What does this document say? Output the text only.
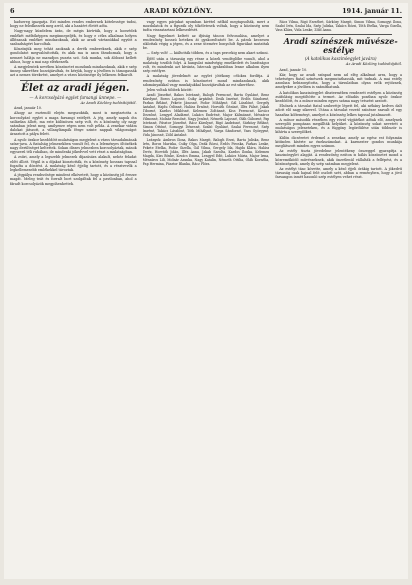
6	ARADI KÖZLÖNY.	1914. január 11.

hadsereg igazgatja. Ezt minden rendes embernek kötelessége tudni, hogy ne feledkezzék meg arról, aki a hazáért életét adta.

Nagy-nagy küzdelem árán, de mégis kivívták, hogy a honvédek emlékét méltóképpen megünnepeljék, és hogy e célra alkalmas helyen állítsanak emléket mindazoknak, akik az aradi vártanúkkal együtt a szabadságért harcoltak.

Köszönjük meg tehát azoknak a derék embereknek, akik e szép gondolatot megvalósították, és akik ma is azon fáradoznak, hogy a nemzet hálája ne maradjon puszta szó. Sok munka, sok áldozat kellett ahhoz, hogy a mai nap elérkezzék.

A megjelentek nevében köszönetet mondunk mindazoknak, akik e szép ünnep sikeréhez hozzájárultak, és kérjük, hogy a jövőben is támogassák azt a nemes törekvést, amelyet a város közönsége ily lelkesen felkarolt.

Élet az aradi jégen.

— A korcsolyázó egylet farsangi ünnepe. —

Az Aradi Közlöny tudósítójától.

Arad, január 10.

Ahogy az esztendő elején megszokták, most is megtartotta a korcsolyázó egylet a maga farsangi estélyét. A jég, amely napok óta szilárdan állott, ma este különösen szép volt, és a közönség oly nagy számban jelent meg, amilyenre régen nem volt példa. A zenekar vidám dalokat játszott, a villanylámpák fénye szinte nappali világosságot árasztott a pálya felett.

A nyolc órakor kezdődött mulatságon megjelent a város társadalmának színe-java. A fiatalság jelmezekben vonult fel, és a leleményes öltözékek nagy derültséget keltettek. Sokan díszes jelmezben korcsolyáztak, mások egyszerű téli ruhában, de mindenki jókedvvel vett részt a mulatságban.

A zsűri, amely a legszebb jelmezek díjazására alakult, nehéz feladat előtt állott. Végül is a díjakat kiosztották, és a közönség hosszas tapssal fogadta a döntést. A mulatság késő éjjelig tartott, és a résztvevők a legkellemesebb emlékekkel távoztak.

A jégpálya rendezősége mindent elkövetett, hogy a közönség jól érezze magát. Meleg teát és forralt bort szolgáltak fel a pavilonban, ahol a fáradt korcsolyázók megpihenhettek.

vagy egyes párjukat nyomban kivétel nélkül megtapsolták, mert a mozdulatok és a figurák oly tökéletesek voltak, hogy a közönség nem tudta visszatartani lelkesedését.

Nagy figyelmet keltett az ifjúság táncos felvonulása, amelyet a rendezőség hosszú heteken át gyakoroltatott be. A párok kecsesen siklottak végig a jégen, és a zene ütemére bonyolult figurákat mutattak be.

— Szép volt! — kiáltották többen, és a taps percekig nem akart szűnni.

Éjfél után a társaság egy része a közeli vendéglőbe vonult, ahol a mulatság tovább folyt. A hangulat mindvégig emelkedett és barátságos volt, és mindenki azt kívánta, bárcsak gyakrabban lenne alkalom ilyen szép estélyre.

A mulatság jövedelmét az egylet jótékony célokra fordítja. A rendezőség ezúton is köszönetet mond mindazoknak, akik adományaikkal vagy munkájukkal hozzájárultak az est sikeréhez.

Jelen voltak többek között:

Aradi Józsefné, Bakos Istvánné, Balogh Ferencné, Barta Gyuláné, Bene Károlyné, Boros Lajosné, Csiky Árpádné, Deák Imréné, Erdős Sándorné, Farkas Béláné, Fekete Jánosné, Fodor Mihályné, Gál Lászlóné, Gergely Antalné, Hajdu Ödönné, Halász Ernőné, Horváth Gézáné, Illés Pálné, Jakab Tiborné, Kardos Miklósné, Kelemen Zoltánné, Kiss Ferencné, Kovács Dezsőné, Lengyel Aladárné, Lukács Endréné, Major Kálmánné, Mészáros Vilmosné, Molnár Rezsőné, Nagy Jenőné, Németh Lajosné, Oláh Gáborné, Pap Istvánné, Pásztor Józsefné, Rácz Károlyné, Rigó Andrásné, Sárközy Béláné, Simon Ottóné, Somogyi Dénesné, Szabó Gyuláné, Szalai Ferencné, Szép Imréné, Takács Lászlóné, Tóth Mihályné, Varga Sándorné, Vass Györgyné, Vida Jánosné, Zöld Antalné.

Leányok: Ambrus Ilona, Bakos Margit, Balogh Erzsi, Barta Juliska, Bene Irén, Boros Mariska, Csiky Olga, Deák Rózsi, Erdős Piroska, Farkas Lenke, Fekete Etelka, Fodor Gizella, Gál Vilma, Gergely Ida, Hajdu Klára, Halász Teréz, Horváth Jolán, Illés Anna, Jakab Sarolta, Kardos Ilonka, Kelemen Magda, Kiss Böske, Kovács Emma, Lengyel Edit, Lukács Mária, Major Irma, Mészáros Lili, Molnár Aranka, Nagy Katalin, Németh Ottilia, Oláh Kornélia, Pap Hermina, Pásztor Blanka, Rácz Flóra.

Rácz Vilma, Rigó Erzsébet, Sárközy Margit, Simon Vilma, Somogyi Ilona, Szabó Irén, Szalai Ida, Szép Juliska, Takács Rózsi, Tóth Etelka, Varga Gizella, Vass Klára, Vida Lenke, Zöld Anna.

Aradi színészek művésze-estélye

(A katolikus kaszinóegylet javára)

Az Aradi Közlöny tudósítójától.

Arad, január 10.

Kár, hogy az aradi színpad nem ad elég alkalmat arra, hogy a tehetséges fiatal színészek megmutathassák, mit tudnak. A mai estély azonban bebizonyította, hogy a társulatban olyan erők rejtőznek, amelyekre a jövőben is számíthatunk.

A katolikus kaszinóegylet dísztermében rendezett estélyen a közönség zsúfolásig megtöltötte a termet. Az előadás pontban nyolc órakor kezdődött, és a műsor minden egyes száma nagy tetszést aratott.

Elsőnek a társulat fiatal szubrettje lépett fel, aki néhány kedves dalt adott elő nagy sikerrel. Utána a társulat vezető színésze szavalt el egy hazafias költeményt, amelyet a közönség lelkes tapssal jutalmazott.

A műsor második részében egy rövid vígjátékot adtak elő, amelynek szereplői pompásan megállták helyüket. A közönség sokat nevetett a mulatságos jeleneteken, és a függöny legördülése után többször is kihívta a szereplőket.

Külön dicséretet érdemel a zenekar, amely az egész est folyamán kitűnően kísérte az énekszámokat. A karmester gondos munkája meglátszott minden egyes számon.

Az estély tiszta jövedelme jelentékeny összeggel gyarapítja a kaszinóegylet alapját. A rendezőség ezúton is hálás köszönetet mond a közreműködő művészeknek, akik önzetlenül vállalták a fellépést, és a közönségnek, amely ily szép számban megjelent.

Az estélyt tánc követte, amely a késő éjjeli órákig tartott. A jókedvű társaság csak hajnal felé oszlott szét, abban a reményben, hogy a jövő farsangon ismét hasonló szép estélyen vehet részt.
